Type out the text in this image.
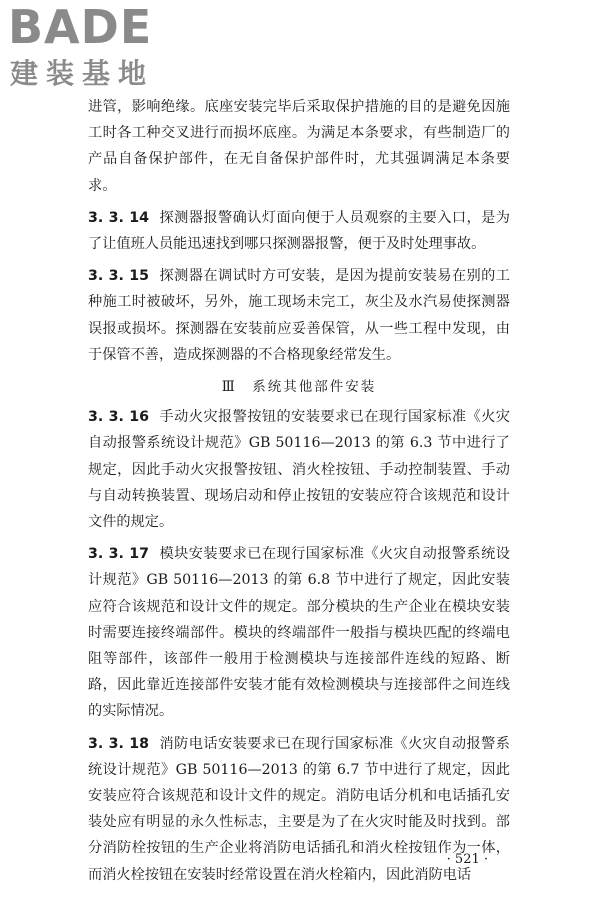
BADE
建装基地

进管，影响绝缘。底座安装完毕后采取保护措施的目的是避免因施工时各工种交叉进行而损坏底座。为满足本条要求，有些制造厂的产品自备保护部件，在无自备保护部件时，尤其强调满足本条要求。

3. 3. 14 探测器报警确认灯面向便于人员观察的主要入口，是为了让值班人员能迅速找到哪只探测器报警，便于及时处理事故。

3. 3. 15 探测器在调试时方可安装，是因为提前安装易在别的工种施工时被破坏，另外，施工现场未完工，灰尘及水汽易使探测器误报或损坏。探测器在安装前应妥善保管，从一些工程中发现，由于保管不善，造成探测器的不合格现象经常发生。

Ⅲ　系统其他部件安装

3. 3. 16 手动火灾报警按钮的安装要求已在现行国家标准《火灾自动报警系统设计规范》GB 50116—2013 的第 6.3 节中进行了规定，因此手动火灾报警按钮、消火栓按钮、手动控制装置、手动与自动转换装置、现场启动和停止按钮的安装应符合该规范和设计文件的规定。

3. 3. 17 模块安装要求已在现行国家标准《火灾自动报警系统设计规范》GB 50116—2013 的第 6.8 节中进行了规定，因此安装应符合该规范和设计文件的规定。部分模块的生产企业在模块安装时需要连接终端部件。模块的终端部件一般指与模块匹配的终端电阻等部件，该部件一般用于检测模块与连接部件连线的短路、断路，因此靠近连接部件安装才能有效检测模块与连接部件之间连线的实际情况。

3. 3. 18 消防电话安装要求已在现行国家标准《火灾自动报警系统设计规范》GB 50116—2013 的第 6.7 节中进行了规定，因此安装应符合该规范和设计文件的规定。消防电话分机和电话插孔安装处应有明显的永久性标志，主要是为了在火灾时能及时找到。部分消防栓按钮的生产企业将消防电话插孔和消火栓按钮作为一体，而消火栓按钮在安装时经常设置在消火栓箱内，因此消防电话

· 521 ·
